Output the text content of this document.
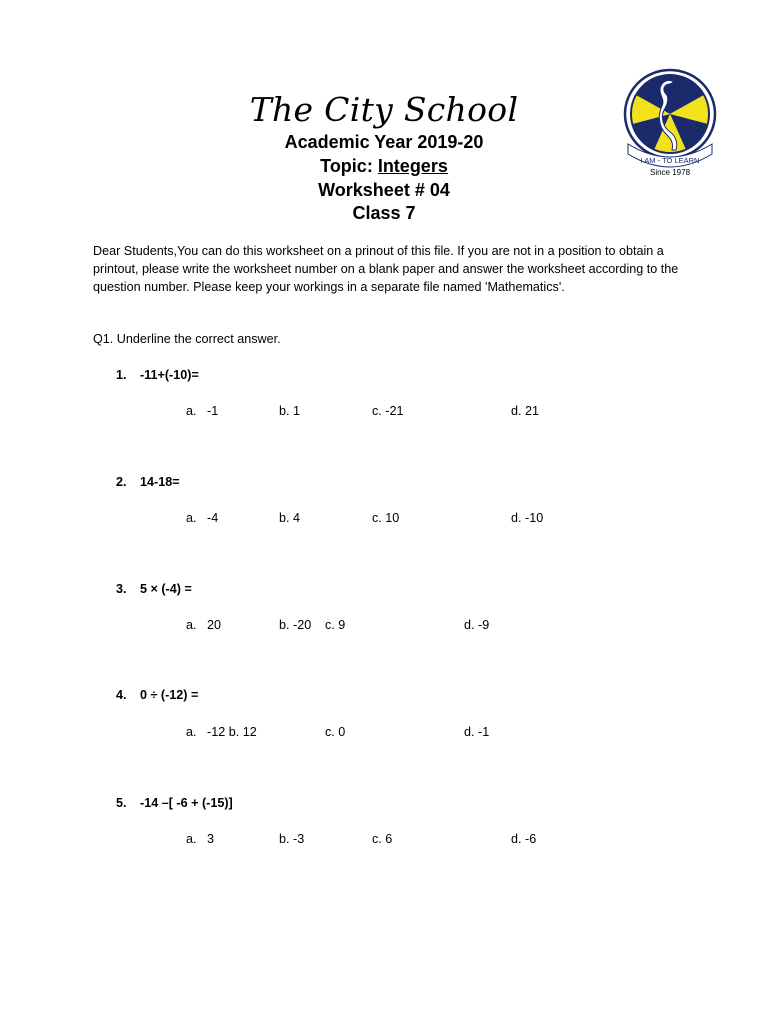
The City School
Academic Year 2019-20
Topic: Integers
Worksheet # 04
Class 7
I AM - TO LEARN
Since 1978
Dear Students,You can do this worksheet on a prinout of this file. If you are not in a position to obtain a printout, please write the worksheet number on a blank paper and answer the worksheet according to the question number. Please keep your workings in a separate file named 'Mathematics'.
Q1. Underline the correct answer.
1. -11+(-10)=
a.   -1	b. 1	c. -21	d. 21
2. 14-18=
a.   -4	b. 4	c. 10	d. -10
3. 5 × (-4) =
a.   20	b. -20 c. 9	d. -9
4. 0 ÷ (-12) =
a.   -12 b. 12	c. 0	d. -1
5. -14 –[ -6 + (-15)]
a.   3	b. -3	c. 6	d. -6
